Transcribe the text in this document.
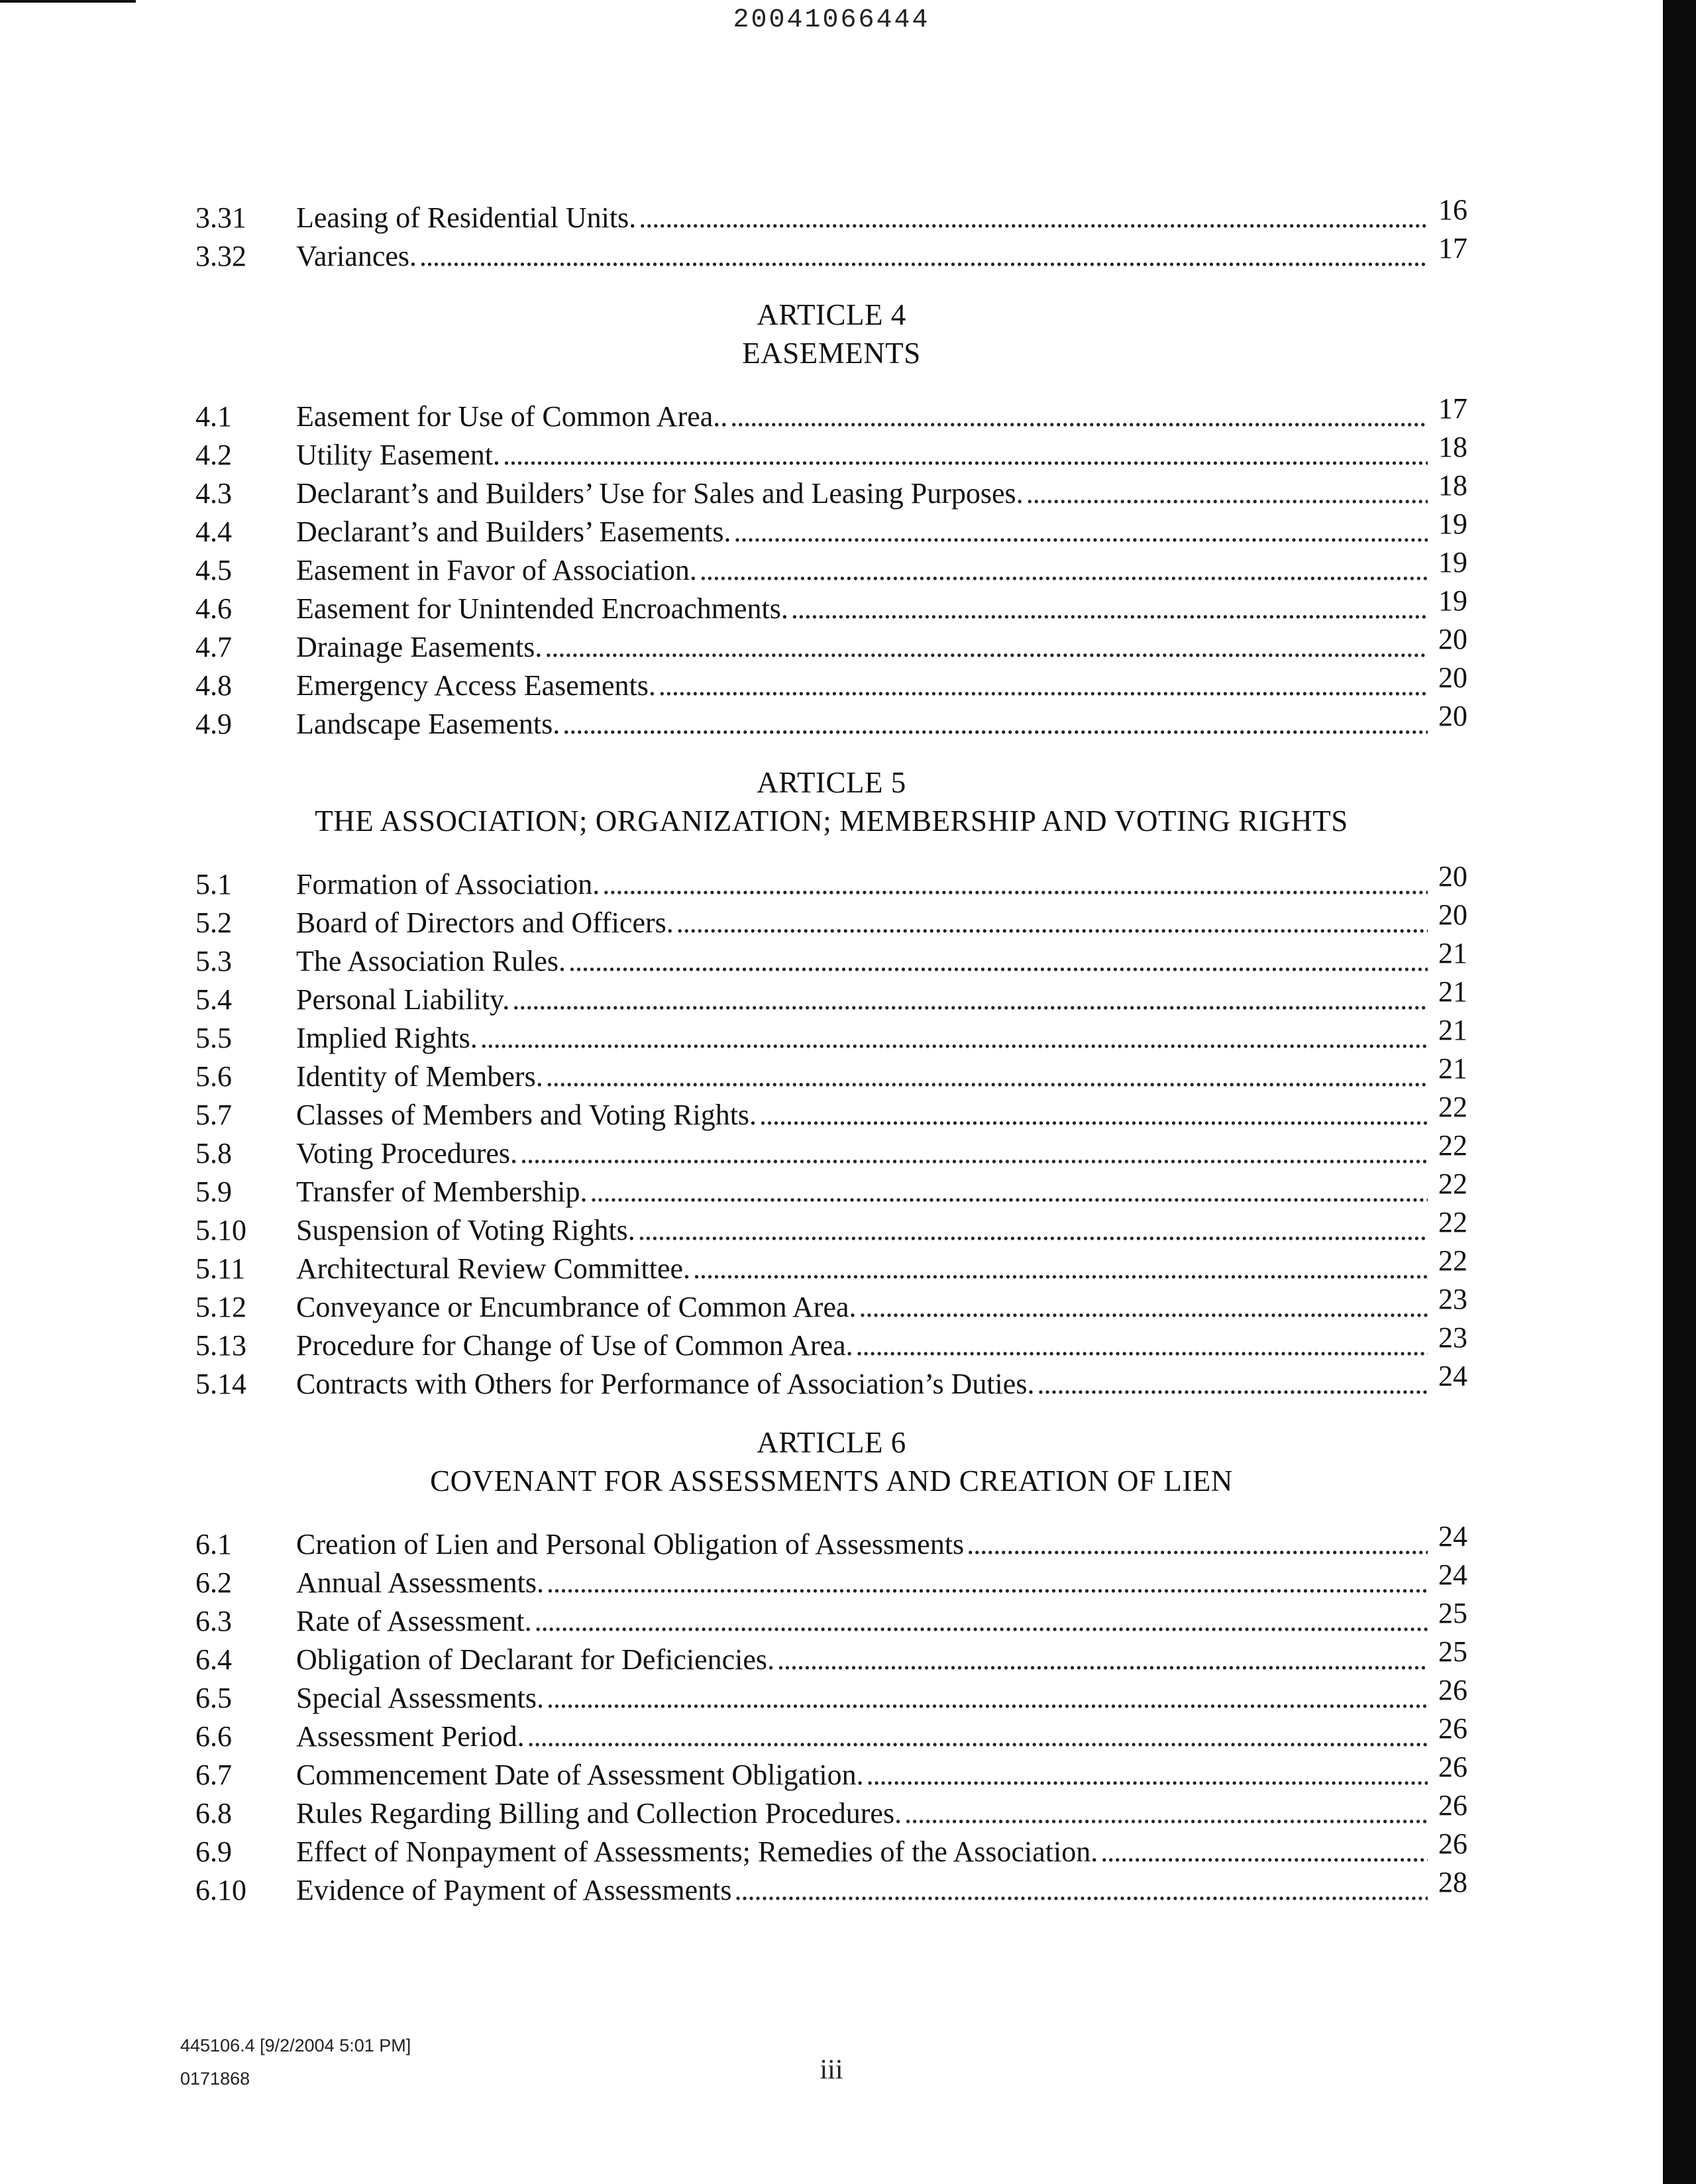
20041066444
3.31	Leasing of Residential Units. . . .	16
3.32	Variances. . . .	17
ARTICLE 4
EASEMENTS
4.1	Easement for Use of Common Area.. . . .	17
4.2	Utility Easement. . . .	18
4.3	Declarant’s and Builders’ Use for Sales and Leasing Purposes. . . .	18
4.4	Declarant’s and Builders’ Easements. . . .	19
4.5	Easement in Favor of Association. . . .	19
4.6	Easement for Unintended Encroachments. . . .	19
4.7	Drainage Easements. . . .	20
4.8	Emergency Access Easements. . . .	20
4.9	Landscape Easements. . . .	20
ARTICLE 5
THE ASSOCIATION; ORGANIZATION; MEMBERSHIP AND VOTING RIGHTS
5.1	Formation of Association. . . .	20
5.2	Board of Directors and Officers. . . .	20
5.3	The Association Rules. . . .	21
5.4	Personal Liability. . . .	21
5.5	Implied Rights. . . .	21
5.6	Identity of Members. . . .	21
5.7	Classes of Members and Voting Rights. . . .	22
5.8	Voting Procedures. . . .	22
5.9	Transfer of Membership. . . .	22
5.10	Suspension of Voting Rights. . . .	22
5.11	Architectural Review Committee. . . .	22
5.12	Conveyance or Encumbrance of Common Area. . . .	23
5.13	Procedure for Change of Use of Common Area. . . .	23
5.14	Contracts with Others for Performance of Association’s Duties. . . .	24
ARTICLE 6
COVENANT FOR ASSESSMENTS AND CREATION OF LIEN
6.1	Creation of Lien and Personal Obligation of Assessments . . .	24
6.2	Annual Assessments. . . .	24
6.3	Rate of Assessment. . . .	25
6.4	Obligation of Declarant for Deficiencies. . . .	25
6.5	Special Assessments. . . .	26
6.6	Assessment Period. . . .	26
6.7	Commencement Date of Assessment Obligation. . . .	26
6.8	Rules Regarding Billing and Collection Procedures. . . .	26
6.9	Effect of Nonpayment of Assessments; Remedies of the Association. . . .	26
6.10	Evidence of Payment of Assessments . . .	28
445106.4 [9/2/2004 5:01 PM]
0171868	iii
